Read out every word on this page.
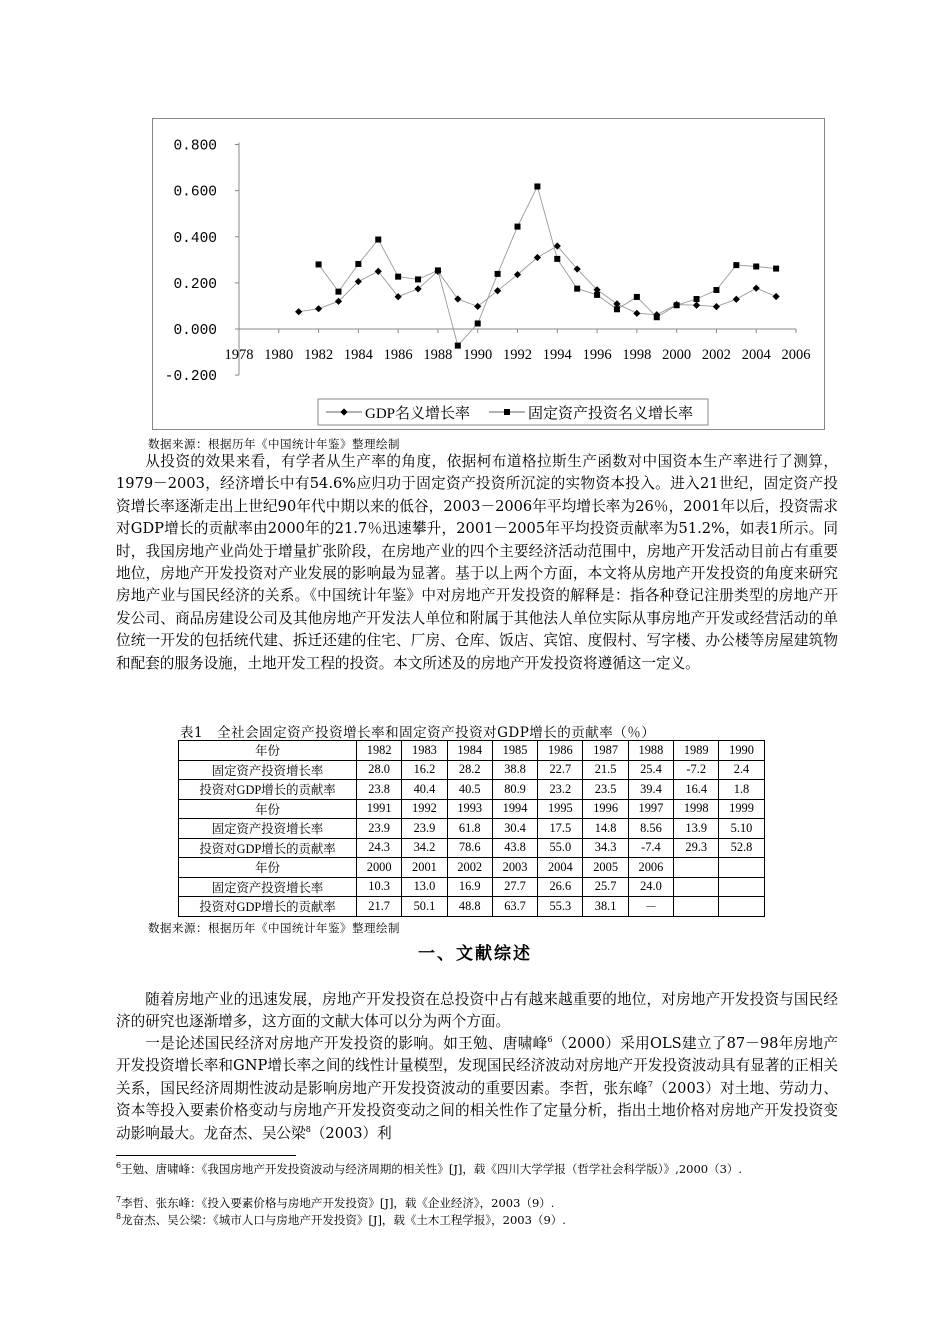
0.800
0.600
0.400
0.200
0.000
-0.200
1978 1980 1982 1984 1986 1988 1990 1992 1994 1996 1998 2000 2002 2004 2006
GDP名义增长率	固定资产投资名义增长率
数据来源：根据历年《中国统计年鉴》整理绘制

从投资的效果来看，有学者从生产率的角度，依据柯布道格拉斯生产函数对中国资本生产率进行了测算，1979－2003，经济增长中有54.6%应归功于固定资产投资所沉淀的实物资本投入。进入21世纪，固定资产投资增长率逐渐走出上世纪90年代中期以来的低谷，2003－2006年平均增长率为26％，2001年以后，投资需求对GDP增长的贡献率由2000年的21.7％迅速攀升，2001－2005年平均投资贡献率为51.2%，如表1所示。同时，我国房地产业尚处于增量扩张阶段，在房地产业的四个主要经济活动范围中，房地产开发活动目前占有重要地位，房地产开发投资对产业发展的影响最为显著。基于以上两个方面，本文将从房地产开发投资的角度来研究房地产业与国民经济的关系。《中国统计年鉴》中对房地产开发投资的解释是：指各种登记注册类型的房地产开发公司、商品房建设公司及其他房地产开发法人单位和附属于其他法人单位实际从事房地产开发或经营活动的单位统一开发的包括统代建、拆迁还建的住宅、厂房、仓库、饭店、宾馆、度假村、写字楼、办公楼等房屋建筑物和配套的服务设施，土地开发工程的投资。本文所述及的房地产开发投资将遵循这一定义。

表1　全社会固定资产投资增长率和固定资产投资对GDP增长的贡献率（％）
年份	1982	1983	1984	1985	1986	1987	1988	1989	1990
固定资产投资增长率	28.0	16.2	28.2	38.8	22.7	21.5	25.4	-7.2	2.4
投资对GDP增长的贡献率	23.8	40.4	40.5	80.9	23.2	23.5	39.4	16.4	1.8
年份	1991	1992	1993	1994	1995	1996	1997	1998	1999
固定资产投资增长率	23.9	23.9	61.8	30.4	17.5	14.8	8.56	13.9	5.10
投资对GDP增长的贡献率	24.3	34.2	78.6	43.8	55.0	34.3	-7.4	29.3	52.8
年份	2000	2001	2002	2003	2004	2005	2006		
固定资产投资增长率	10.3	13.0	16.9	27.7	26.6	25.7	24.0		
投资对GDP增长的贡献率	21.7	50.1	48.8	63.7	55.3	38.1	－		
数据来源：根据历年《中国统计年鉴》整理绘制
一、文献综述

随着房地产业的迅速发展，房地产开发投资在总投资中占有越来越重要的地位，对房地产开发投资与国民经济的研究也逐渐增多，这方面的文献大体可以分为两个方面。

一是论述国民经济对房地产开发投资的影响。如王勉、唐啸峰$^6$（2000）采用OLS建立了87－98年房地产开发投资增长率和GNP增长率之间的线性计量模型，发现国民经济波动对房地产开发投资波动具有显著的正相关关系，国民经济周期性波动是影响房地产开发投资波动的重要因素。李哲，张东峰$^7$（2003）对土地、劳动力、资本等投入要素价格变动与房地产开发投资变动之间的相关性作了定量分析，指出土地价格对房地产开发投资变动影响最大。龙奋杰、吴公梁$^8$（2003）利

$^6$王勉、唐啸峰：《我国房地产开发投资波动与经济周期的相关性》[J]，载《四川大学学报（哲学社会科学版）》,2000（3）.

$^7$李哲、张东峰：《投入要素价格与房地产开发投资》[J]，载《企业经济》，2003（9）.

$^8$龙奋杰、吴公梁：《城市人口与房地产开发投资》[J]，载《土木工程学报》，2003（9）.
